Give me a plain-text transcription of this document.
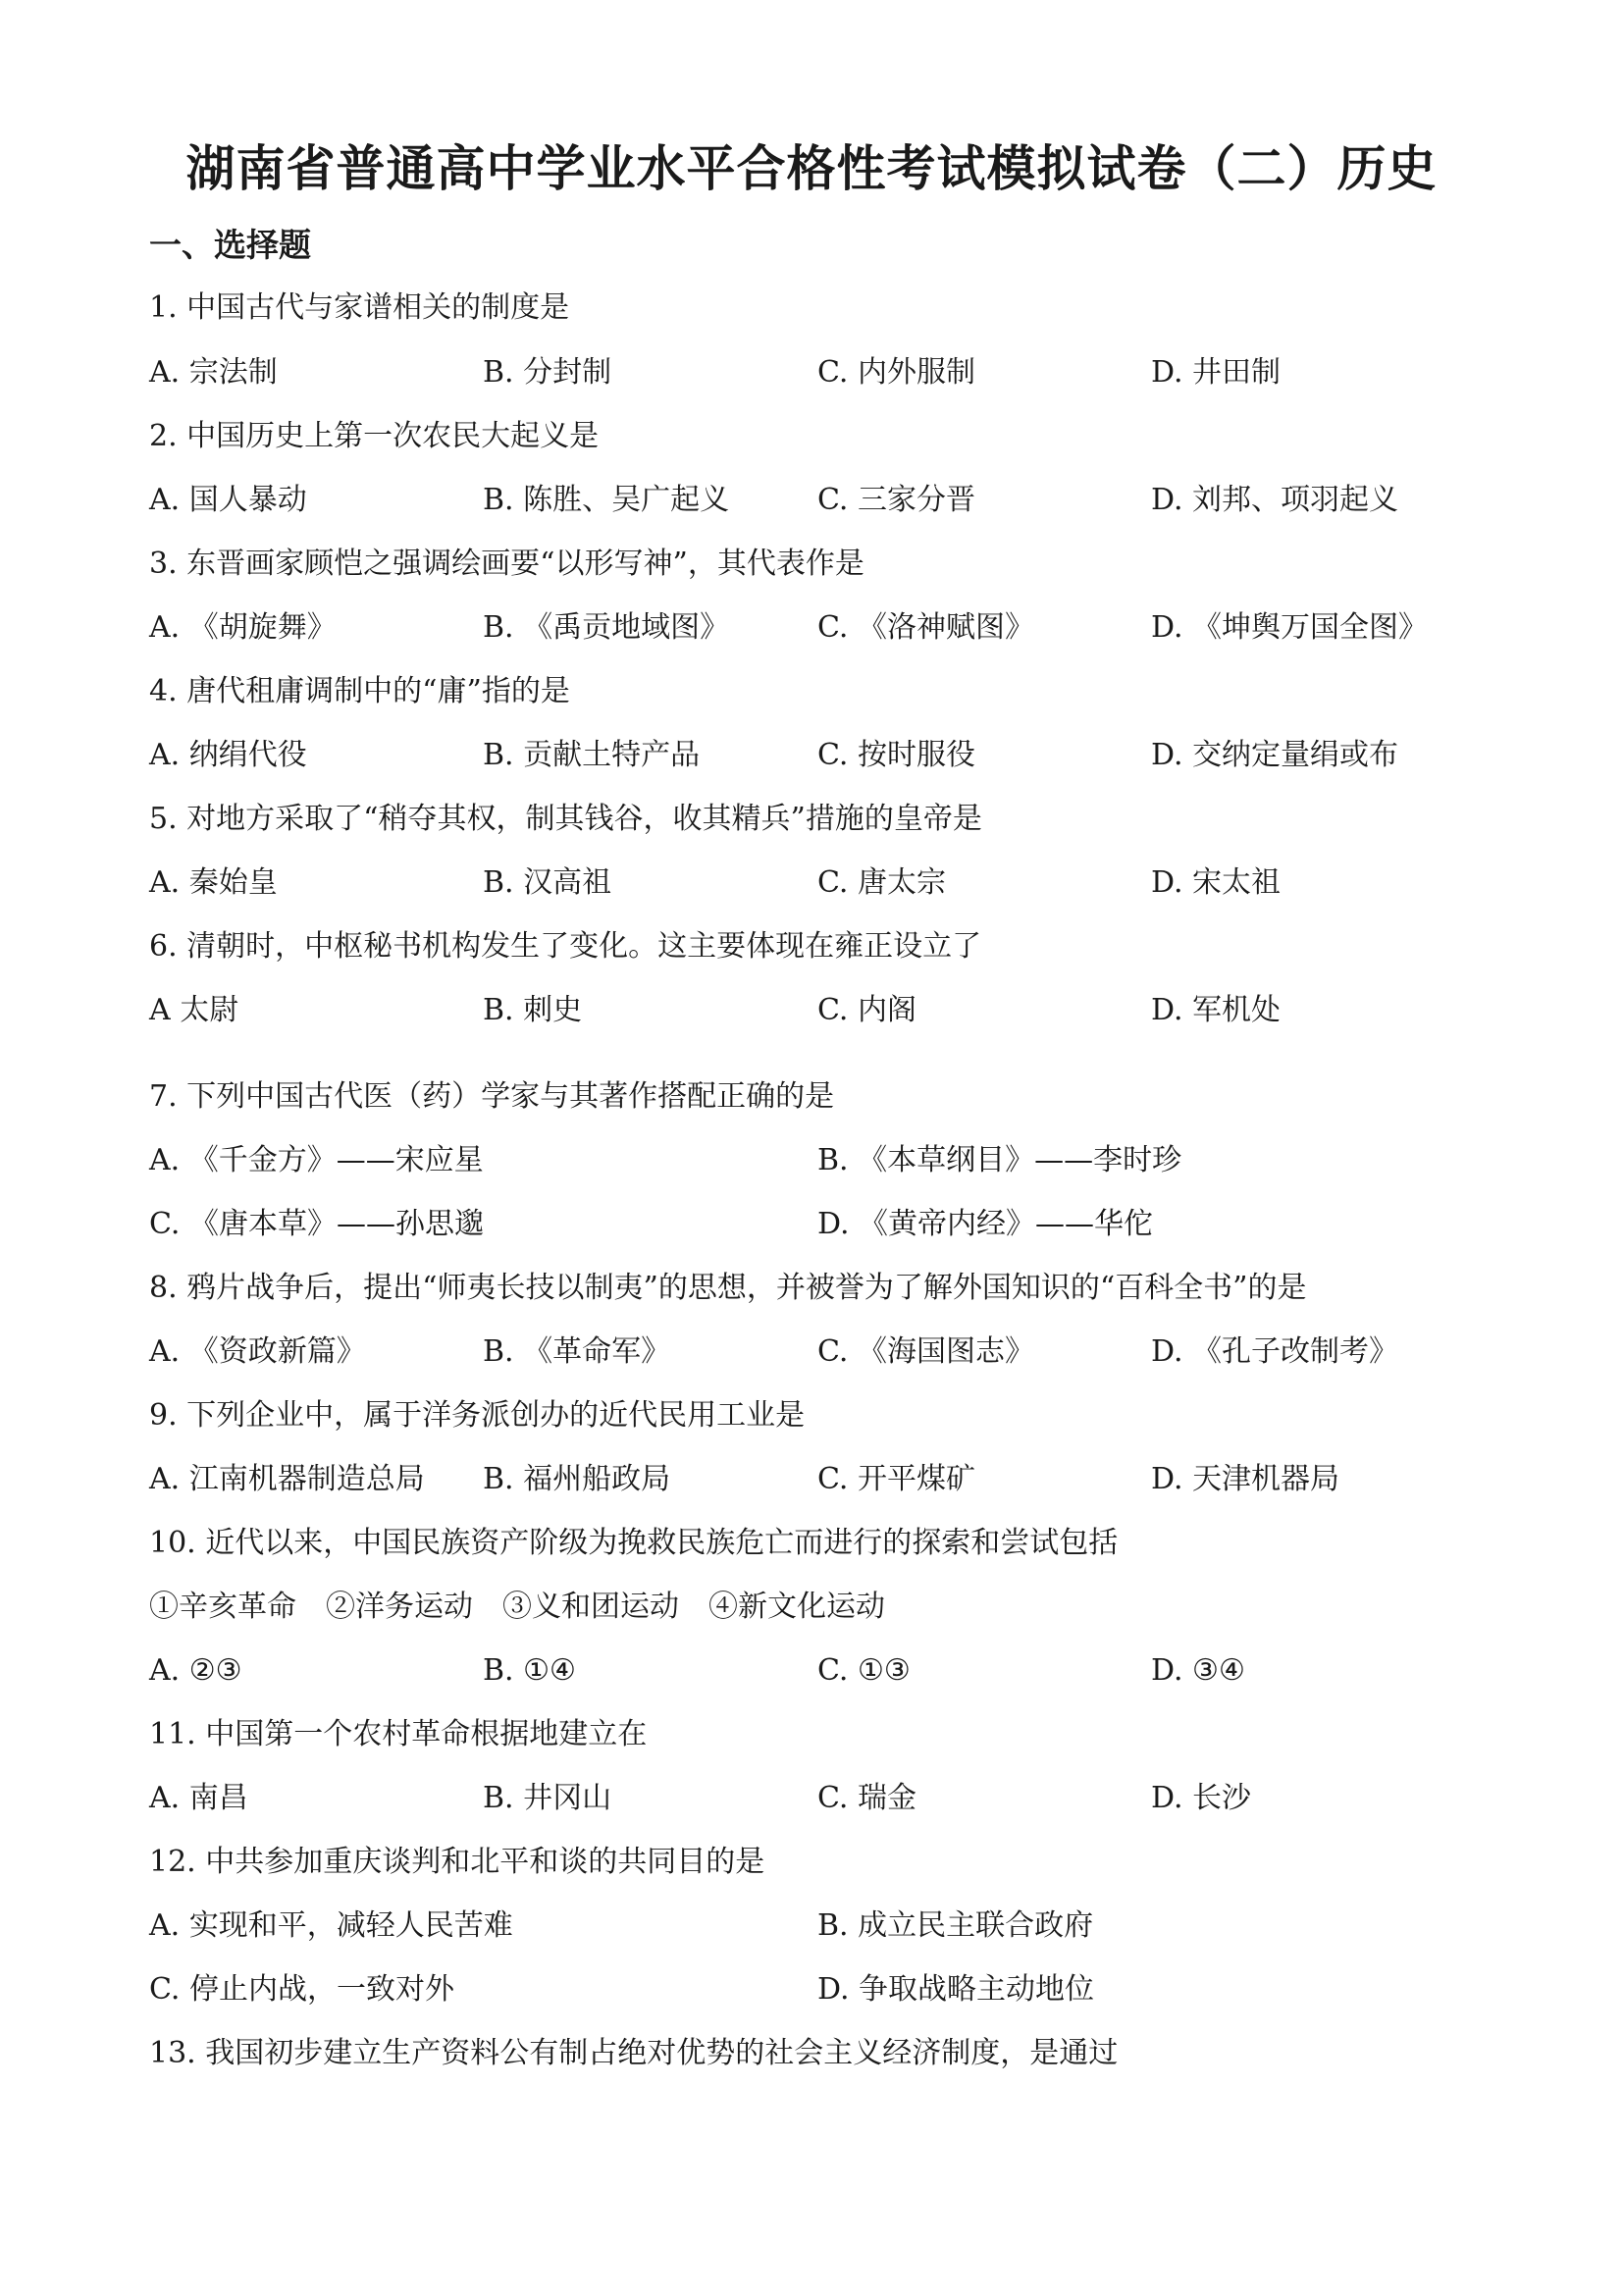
湖南省普通高中学业水平合格性考试模拟试卷（二）历史
一、选择题
1. 中国古代与家谱相关的制度是
A. 宗法制	B. 分封制	C. 内外服制	D. 井田制
2. 中国历史上第一次农民大起义是
A. 国人暴动	B. 陈胜、吴广起义	C. 三家分晋	D. 刘邦、项羽起义
3. 东晋画家顾恺之强调绘画要“以形写神”，其代表作是
A. 《胡旋舞》	B. 《禹贡地域图》	C. 《洛神赋图》	D. 《坤舆万国全图》
4. 唐代租庸调制中的“庸”指的是
A. 纳绢代役	B. 贡献土特产品	C. 按时服役	D. 交纳定量绢或布
5. 对地方采取了“稍夺其权，制其钱谷，收其精兵”措施的皇帝是
A. 秦始皇	B. 汉高祖	C. 唐太宗	D. 宋太祖
6. 清朝时，中枢秘书机构发生了变化。这主要体现在雍正设立了
A 太尉	B. 刺史	C. 内阁	D. 军机处
7. 下列中国古代医（药）学家与其著作搭配正确的是
A. 《千金方》——宋应星	B. 《本草纲目》——李时珍
C. 《唐本草》——孙思邈	D. 《黄帝内经》——华佗
8. 鸦片战争后，提出“师夷长技以制夷”的思想，并被誉为了解外国知识的“百科全书”的是
A. 《资政新篇》	B. 《革命军》	C. 《海国图志》	D. 《孔子改制考》
9. 下列企业中，属于洋务派创办的近代民用工业是
A. 江南机器制造总局 B. 福州船政局	C. 开平煤矿	D. 天津机器局
10. 近代以来，中国民族资产阶级为挽救民族危亡而进行的探索和尝试包括
①辛亥革命　②洋务运动　③义和团运动　④新文化运动
A. ②③	B. ①④	C. ①③	D. ③④
11. 中国第一个农村革命根据地建立在
A. 南昌	B. 井冈山	C. 瑞金	D. 长沙
12. 中共参加重庆谈判和北平和谈的共同目的是
A. 实现和平，减轻人民苦难	B. 成立民主联合政府
C. 停止内战，一致对外	D. 争取战略主动地位
13. 我国初步建立生产资料公有制占绝对优势的社会主义经济制度，是通过
